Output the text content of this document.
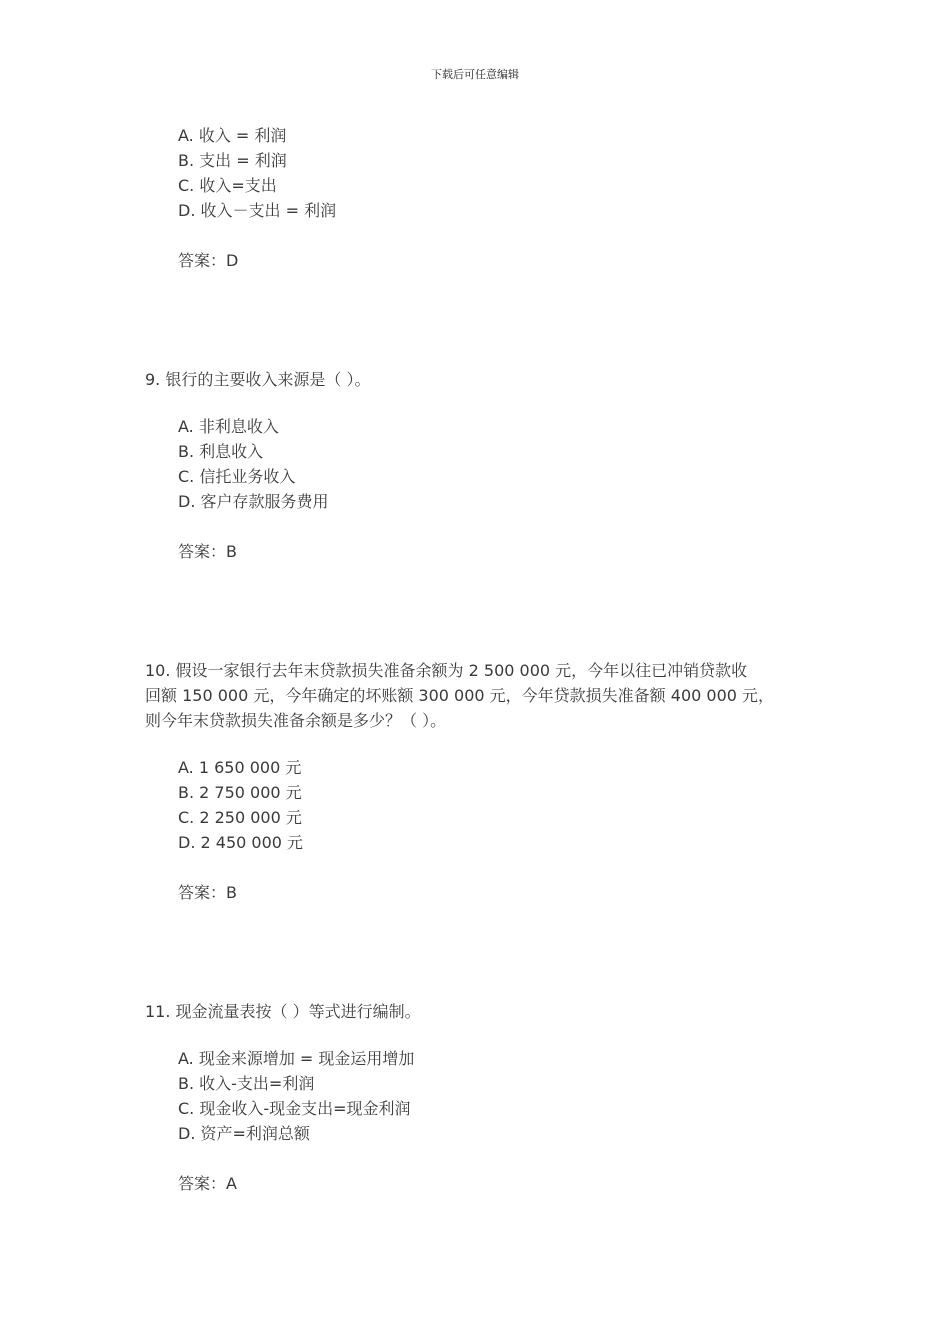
下载后可任意编辑
A. 收入 = 利润
B. 支出 = 利润
C. 收入=支出
D. 收入－支出 = 利润
答案：D
9. 银行的主要收入来源是（ ）。
A. 非利息收入
B. 利息收入
C. 信托业务收入
D. 客户存款服务费用
答案：B
10. 假设一家银行去年末贷款损失准备余额为 2 500 000 元，今年以往已冲销贷款收
回额 150 000 元，今年确定的坏账额 300 000 元，今年贷款损失准备额 400 000 元，
则今年末贷款损失准备余额是多少？（ ）。
A. 1 650 000 元
B. 2 750 000 元
C. 2 250 000 元
D. 2 450 000 元
答案：B
11. 现金流量表按（ ）等式进行编制。
A. 现金来源增加 = 现金运用增加
B. 收入-支出=利润
C. 现金收入-现金支出=现金利润
D. 资产=利润总额
答案：A
